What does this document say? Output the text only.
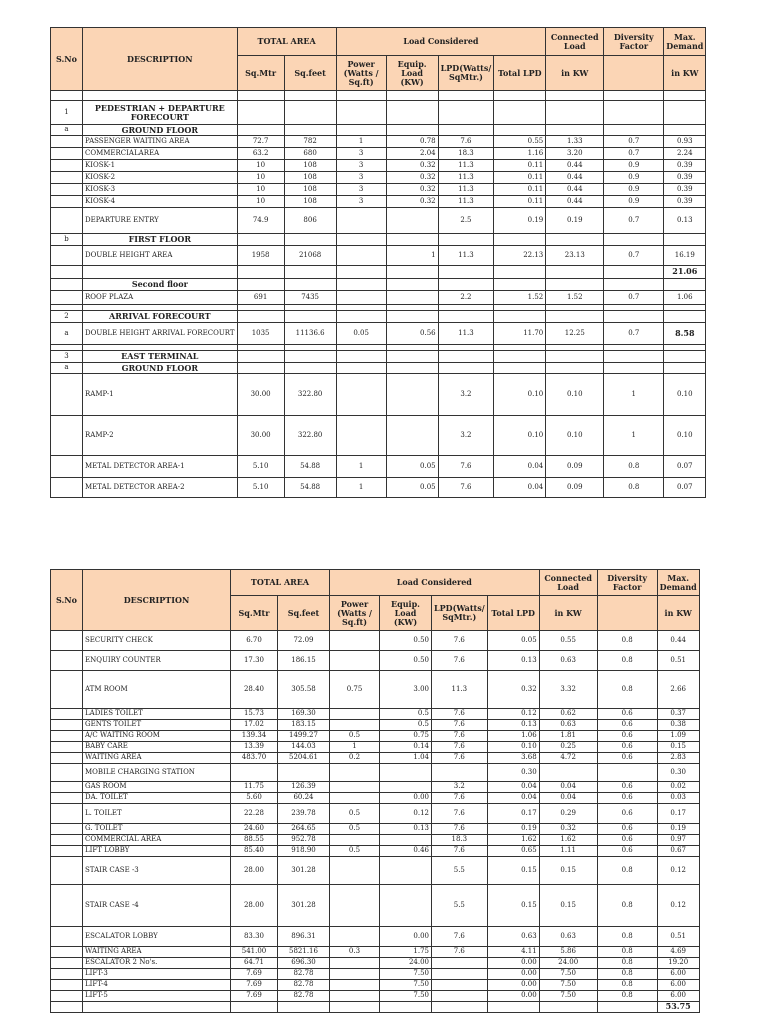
S.No	DESCRIPTION	TOTAL AREA		Load Considered				Connected Load	Diversity Factor	Max. Demand
		Sq.Mtr	Sq.feet	Power (Watts / Sq.ft)	Equip. Load (KW)	LPD(Watts/ SqMtr.)	Total LPD	in KW		in KW

1	PEDESTRIAN + DEPARTURE FORECOURT									
a	GROUND FLOOR									
	PASSENGER WAITING AREA	72.7	782	1	0.78	7.6	0.55	1.33	0.7	0.93
	COMMERCIALAREA	63.2	680	3	2.04	18.3	1.16	3.20	0.7	2.24
	KIOSK-1	10	108	3	0.32	11.3	0.11	0.44	0.9	0.39
	KIOSK-2	10	108	3	0.32	11.3	0.11	0.44	0.9	0.39
	KIOSK-3	10	108	3	0.32	11.3	0.11	0.44	0.9	0.39
	KIOSK-4	10	108	3	0.32	11.3	0.11	0.44	0.9	0.39
	DEPARTURE ENTRY	74.9	806			2.5	0.19	0.19	0.7	0.13
b	FIRST FLOOR									
	DOUBLE HEIGHT AREA	1958	21068		1	11.3	22.13	23.13	0.7	16.19
										21.06
	Second floor									
	ROOF PLAZA	691	7435			2.2	1.52	1.52	0.7	1.06

2	ARRIVAL FORECOURT									
a	DOUBLE HEIGHT ARRIVAL FORECOURT	1035	11136.6	0.05	0.56	11.3	11.70	12.25	0.7	8.58

3	EAST TERMINAL									
a	GROUND FLOOR									
	RAMP-1	30.00	322.80			3.2	0.10	0.10	1	0.10
	RAMP-2	30.00	322.80			3.2	0.10	0.10	1	0.10
	METAL DETECTOR AREA-1	5.10	54.88	1	0.05	7.6	0.04	0.09	0.8	0.07
	METAL DETECTOR AREA-2	5.10	54.88	1	0.05	7.6	0.04	0.09	0.8	0.07
S.No	DESCRIPTION	TOTAL AREA		Load Considered				Connected Load	Diversity Factor	Max. Demand
		Sq.Mtr	Sq.feet	Power (Watts / Sq.ft)	Equip. Load (KW)	LPD(Watts/ SqMtr.)	Total LPD	in KW		in KW
	SECURITY CHECK	6.70	72.09		0.50	7.6	0.05	0.55	0.8	0.44
	ENQUIRY COUNTER	17.30	186.15		0.50	7.6	0.13	0.63	0.8	0.51
	ATM ROOM	28.40	305.58	0.75	3.00	11.3	0.32	3.32	0.8	2.66
	LADIES TOILET	15.73	169.30		0.5	7.6	0.12	0.62	0.6	0.37
	GENTS TOILET	17.02	183.15		0.5	7.6	0.13	0.63	0.6	0.38
	A/C WAITING ROOM	139.34	1499.27	0.5	0.75	7.6	1.06	1.81	0.6	1.09
	BABY CARE	13.39	144.03	1	0.14	7.6	0.10	0.25	0.6	0.15
	WAITING AREA	483.70	5204.61	0.2	1.04	7.6	3.68	4.72	0.6	2.83
	MOBILE CHARGING STATION						0.30			0.30
	GAS ROOM	11.75	126.39			3.2	0.04	0.04	0.6	0.02
	DA. TOILET	5.60	60.24		0.00	7.6	0.04	0.04	0.6	0.03
	L. TOILET	22.28	239.78	0.5	0.12	7.6	0.17	0.29	0.6	0.17
	G. TOILET	24.60	264.65	0.5	0.13	7.6	0.19	0.32	0.6	0.19
	COMMERCIAL AREA	88.55	952.78			18.3	1.62	1.62	0.6	0.97
	LIFT LOBBY	85.40	918.90	0.5	0.46	7.6	0.65	1.11	0.6	0.67
	STAIR CASE -3	28.00	301.28			5.5	0.15	0.15	0.8	0.12
	STAIR CASE -4	28.00	301.28			5.5	0.15	0.15	0.8	0.12
	ESCALATOR LOBBY	83.30	896.31		0.00	7.6	0.63	0.63	0.8	0.51
	WAITING AREA	541.00	5821.16	0.3	1.75	7.6	4.11	5.86	0.8	4.69
	ESCALATOR 2 No's.	64.71	696.30		24.00		0.00	24.00	0.8	19.20
	LIFT-3	7.69	82.78		7.50		0.00	7.50	0.8	6.00
	LIFT-4	7.69	82.78		7.50		0.00	7.50	0.8	6.00
	LIFT-5	7.69	82.78		7.50		0.00	7.50	0.8	6.00
										53.75
